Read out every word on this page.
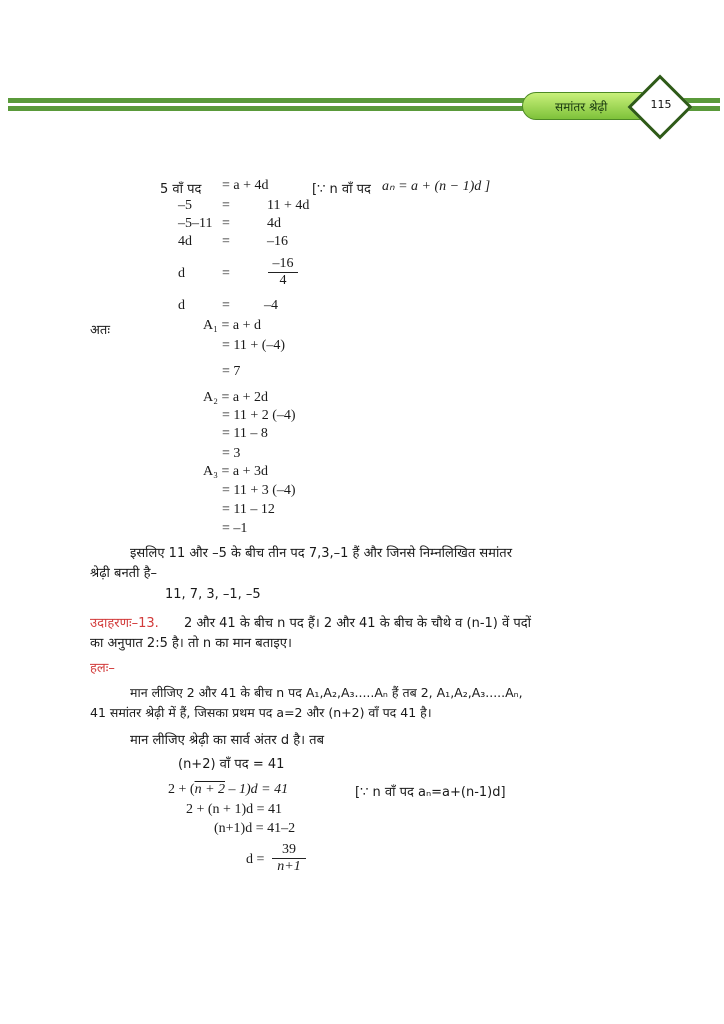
समांतर श्रेढ़ी	115
5 वाँ पद = a + 4d	[∵ n वाँ पद aₙ = a + (n − 1)d ]
–5 =	11 + 4d
–5–11 =	4d
4d =	–16
d	=	$\frac{-16}{4}$
d	= –4
अतः	A₁ = a + d
= 11 + (–4)
= 7
A₂ = a + 2d
= 11 + 2 (–4)
= 11 – 8
= 3
A₃ = a + 3d
= 11 + 3 (–4)
= 11 – 12
= –1
इसलिए 11 और –5 के बीच तीन पद 7,3,–1 हैं और जिनसे निम्नलिखित समांतर
श्रेढ़ी बनती है–
11, 7, 3, –1, –5
उदाहरणः–13. 2 और 41 के बीच n पद हैं। 2 और 41 के बीच के चौथे व (n-1) वें पदों
का अनुपात 2:5 है। तो n का मान बताइए।
हलः–
मान लीजिए 2 और 41 के बीच n पद A₁,A₂,A₃.....Aₙ हैं तब 2, A₁,A₂,A₃.....Aₙ,
41 समांतर श्रेढ़ी में हैं, जिसका प्रथम पद a=2 और (n+2) वाँ पद 41 है।
मान लीजिए श्रेढ़ी का सार्व अंतर d है। तब
(n+2) वाँ पद = 41
2 + (n + 2 – 1)d = 41	[∵ n वाँ पद aₙ=a+(n-1)d]
2 + (n + 1)d = 41
(n+1)d = 41–2
$d = \frac{39}{n+1}$
